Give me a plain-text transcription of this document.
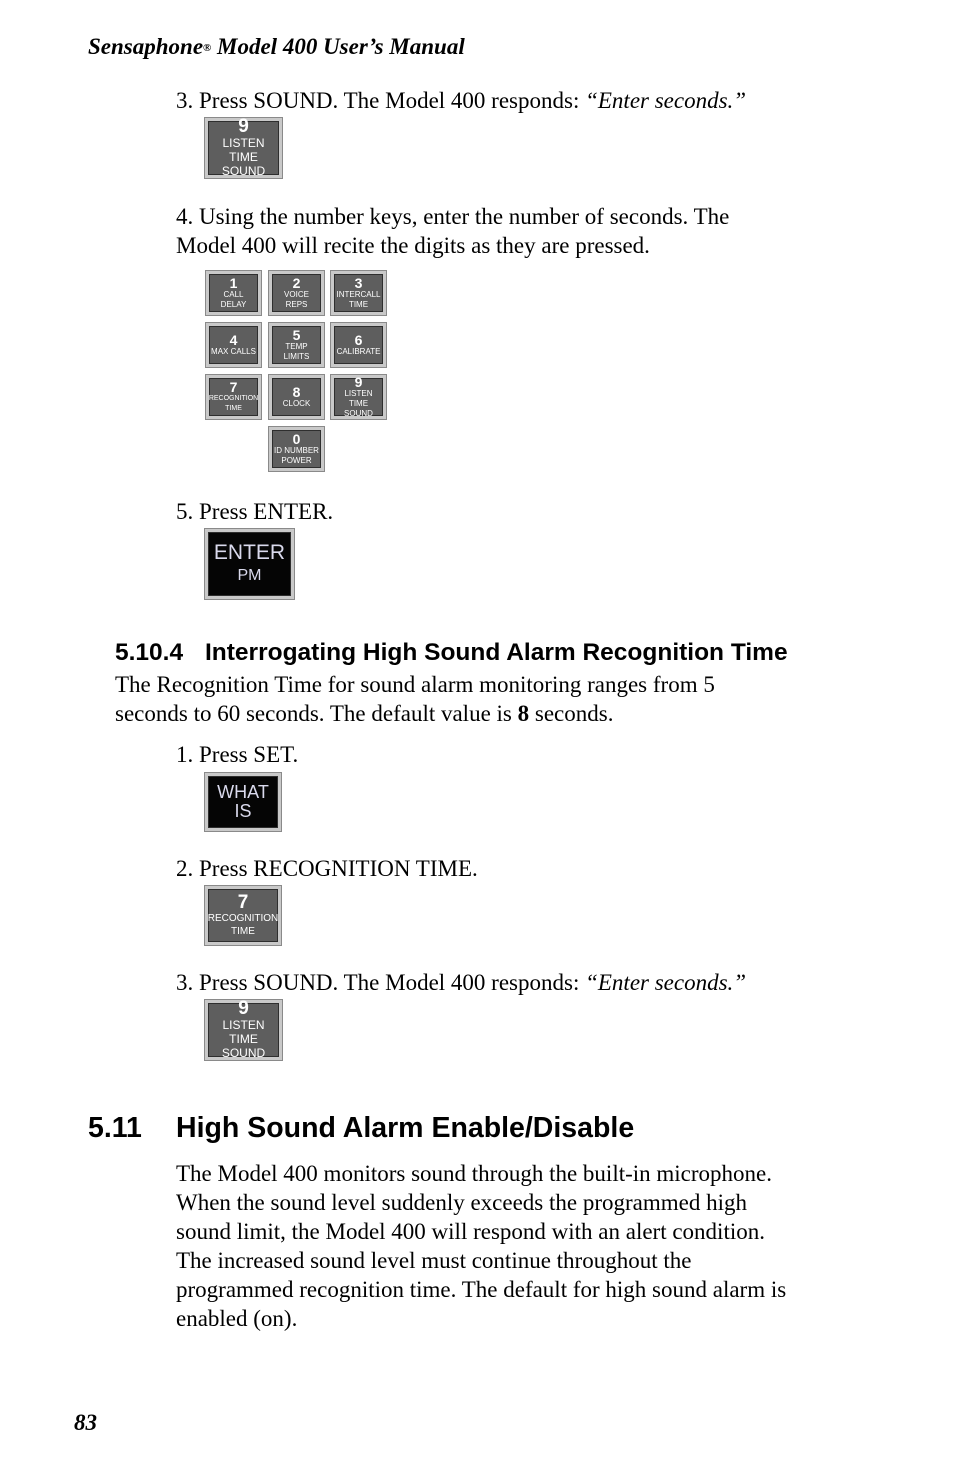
Sensaphone® Model 400 User’s Manual

3. Press SOUND. The Model 400 responds: “Enter seconds.”

9
LISTEN TIME
SOUND

4. Using the number keys, enter the number of seconds. The

Model 400 will recite the digits as they are pressed.

1
CALL
DELAY
2
VOICE
REPS
3
INTERCALL
TIME
4
MAX CALLS
5
TEMP LIMITS
6
CALIBRATE
7
RECOGNITION
TIME
8
CLOCK
9
LISTEN TIME
SOUND
0
ID NUMBER
POWER

5. Press ENTER.

ENTER
PM
5.10.4 Interrogating High Sound Alarm Recognition Time

The Recognition Time for sound alarm monitoring ranges from 5

seconds to 60 seconds. The default value is 8 seconds.

1. Press SET.

WHAT
IS

2. Press RECOGNITION TIME.

7
RECOGNITION
TIME

3. Press SOUND. The Model 400 responds: “Enter seconds.”

9
LISTEN TIME
SOUND
5.11 High Sound Alarm Enable/Disable

The Model 400 monitors sound through the built-in microphone.

When the sound level suddenly exceeds the programmed high

sound limit, the Model 400 will respond with an alert condition.

The increased sound level must continue throughout the

programmed recognition time. The default for high sound alarm is

enabled (on).

83
